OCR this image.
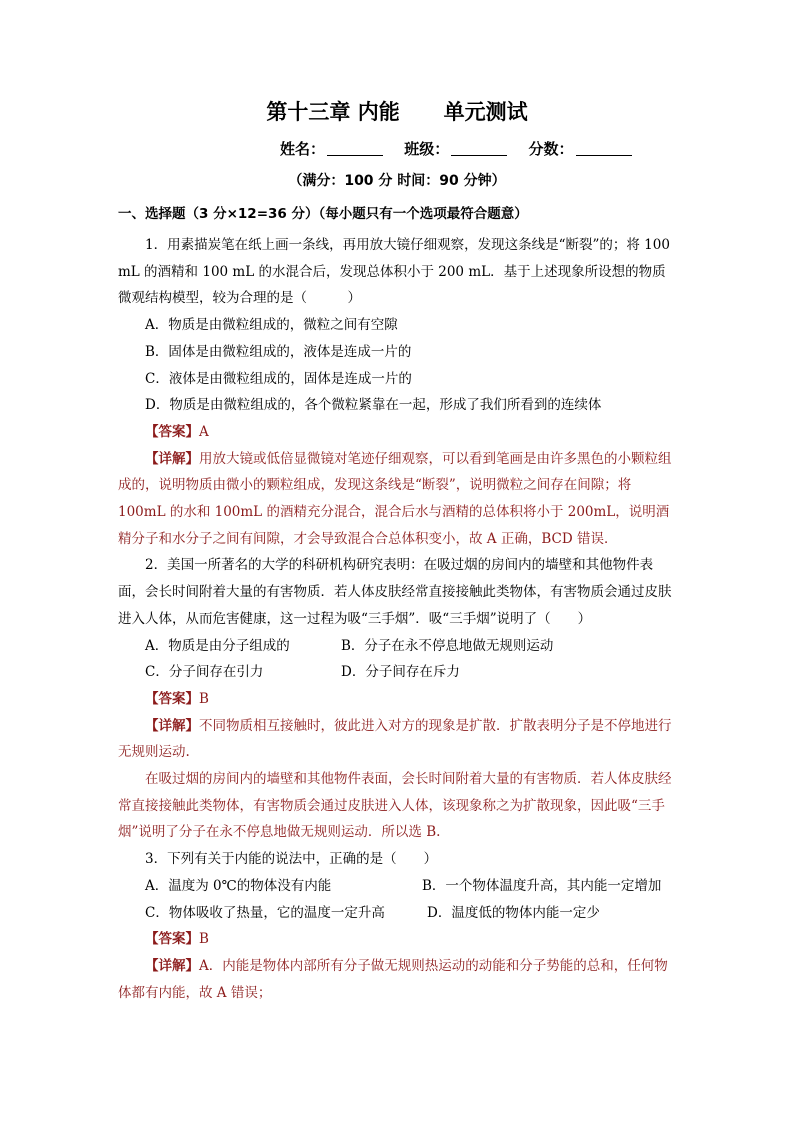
第十三章 内能      单元测试
姓名：	班级：	分数：
（满分：100 分 时间：90 分钟）
一、选择题（3 分×12=36 分）（每小题只有一个选项最符合题意）

1．用素描炭笔在纸上画一条线，再用放大镜仔细观察，发现这条线是“断裂”的；将 100 mL 的酒精和 100 mL 的水混合后，发现总体积小于 200 mL．基于上述现象所设想的物质微观结构模型，较为合理的是（　　　）

A．物质是由微粒组成的，微粒之间有空隙

B．固体是由微粒组成的，液体是连成一片的

C．液体是由微粒组成的，固体是连成一片的

D．物质是由微粒组成的，各个微粒紧靠在一起，形成了我们所看到的连续体

【答案】A

【详解】用放大镜或低倍显微镜对笔迹仔细观察，可以看到笔画是由许多黑色的小颗粒组成的，说明物质由微小的颗粒组成，发现这条线是“断裂”，说明微粒之间存在间隙；将 100mL 的水和 100mL 的酒精充分混合，混合后水与酒精的总体积将小于 200mL，说明酒精分子和水分子之间有间隙，才会导致混合合总体积变小，故 A 正确，BCD 错误．

2．美国一所著名的大学的科研机构研究表明：在吸过烟的房间内的墙壁和其他物件表面，会长时间附着大量的有害物质．若人体皮肤经常直接接触此类物体，有害物质会通过皮肤进入人体，从而危害健康，这一过程为吸“三手烟”．吸“三手烟”说明了（　　）

A．物质是由分子组成的	B．分子在永不停息地做无规则运动

C．分子间存在引力	D．分子间存在斥力

【答案】B

【详解】不同物质相互接触时，彼此进入对方的现象是扩散．扩散表明分子是不停地进行无规则运动.

在吸过烟的房间内的墙壁和其他物件表面，会长时间附着大量的有害物质．若人体皮肤经常直接接触此类物体，有害物质会通过皮肤进入人体，该现象称之为扩散现象，因此吸“三手烟”说明了分子在永不停息地做无规则运动．所以选 B.

3．下列有关于内能的说法中，正确的是（　　）

A．温度为 0℃的物体没有内能	B．一个物体温度升高，其内能一定增加

C．物体吸收了热量，它的温度一定升高	D．温度低的物体内能一定少

【答案】B

【详解】A．内能是物体内部所有分子做无规则热运动的动能和分子势能的总和，任何物体都有内能，故 A 错误；
